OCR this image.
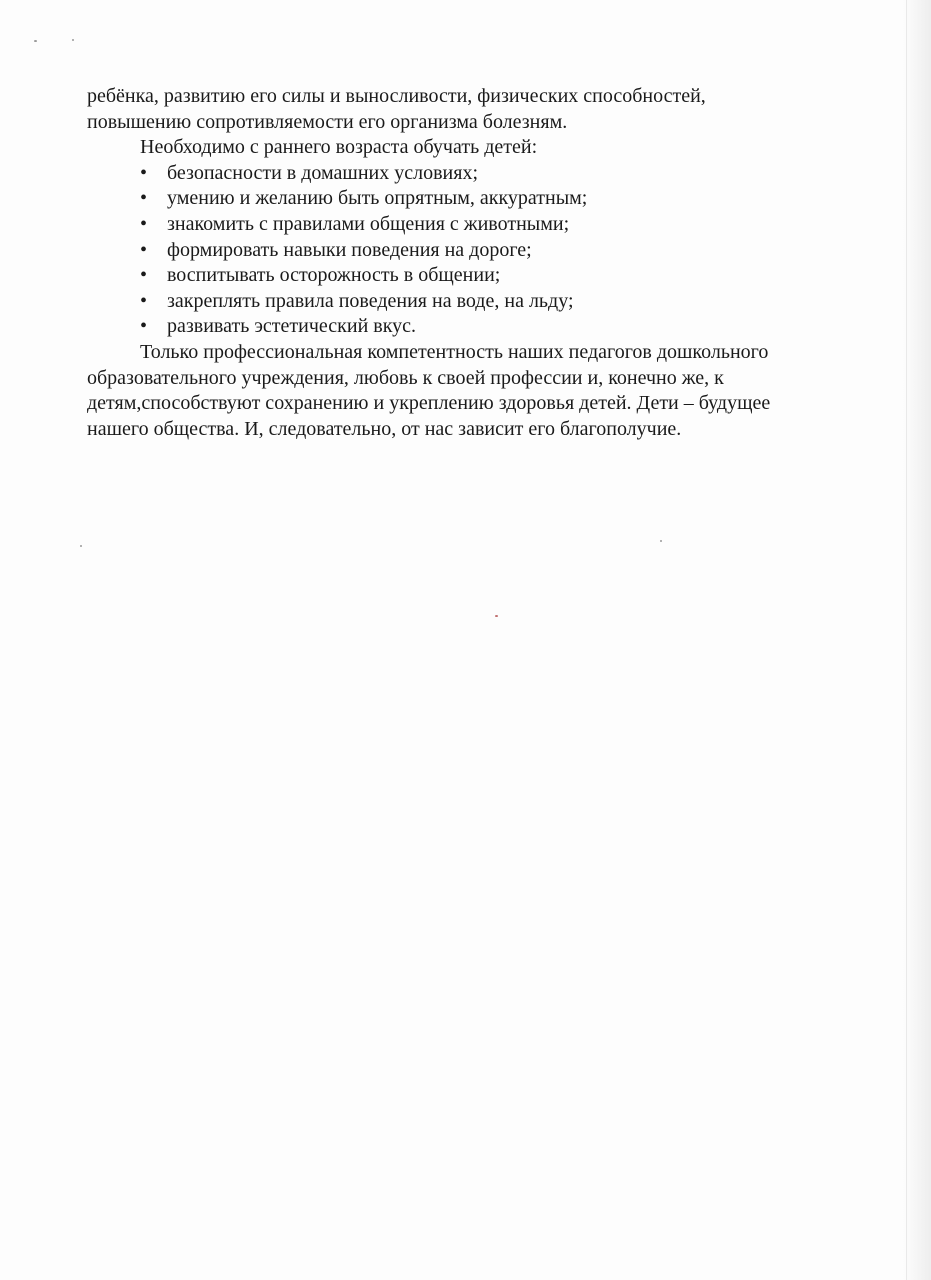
ребёнка, развитию его силы и выносливости, физических способностей,

повышению сопротивляемости его организма болезням.

Необходимо с раннего возраста обучать детей:

• безопасности в домашних условиях;
• умению и желанию быть опрятным, аккуратным;
• знакомить с правилами общения с животными;
• формировать навыки поведения на дороге;
• воспитывать осторожность в общении;
• закреплять правила поведения на воде, на льду;
• развивать эстетический вкус.

Только профессиональная компетентность наших педагогов дошкольного

образовательного учреждения, любовь к своей профессии и, конечно же, к

детям,способствуют сохранению и укреплению здоровья детей. Дети – будущее

нашего общества. И, следовательно, от нас зависит его благополучие.
